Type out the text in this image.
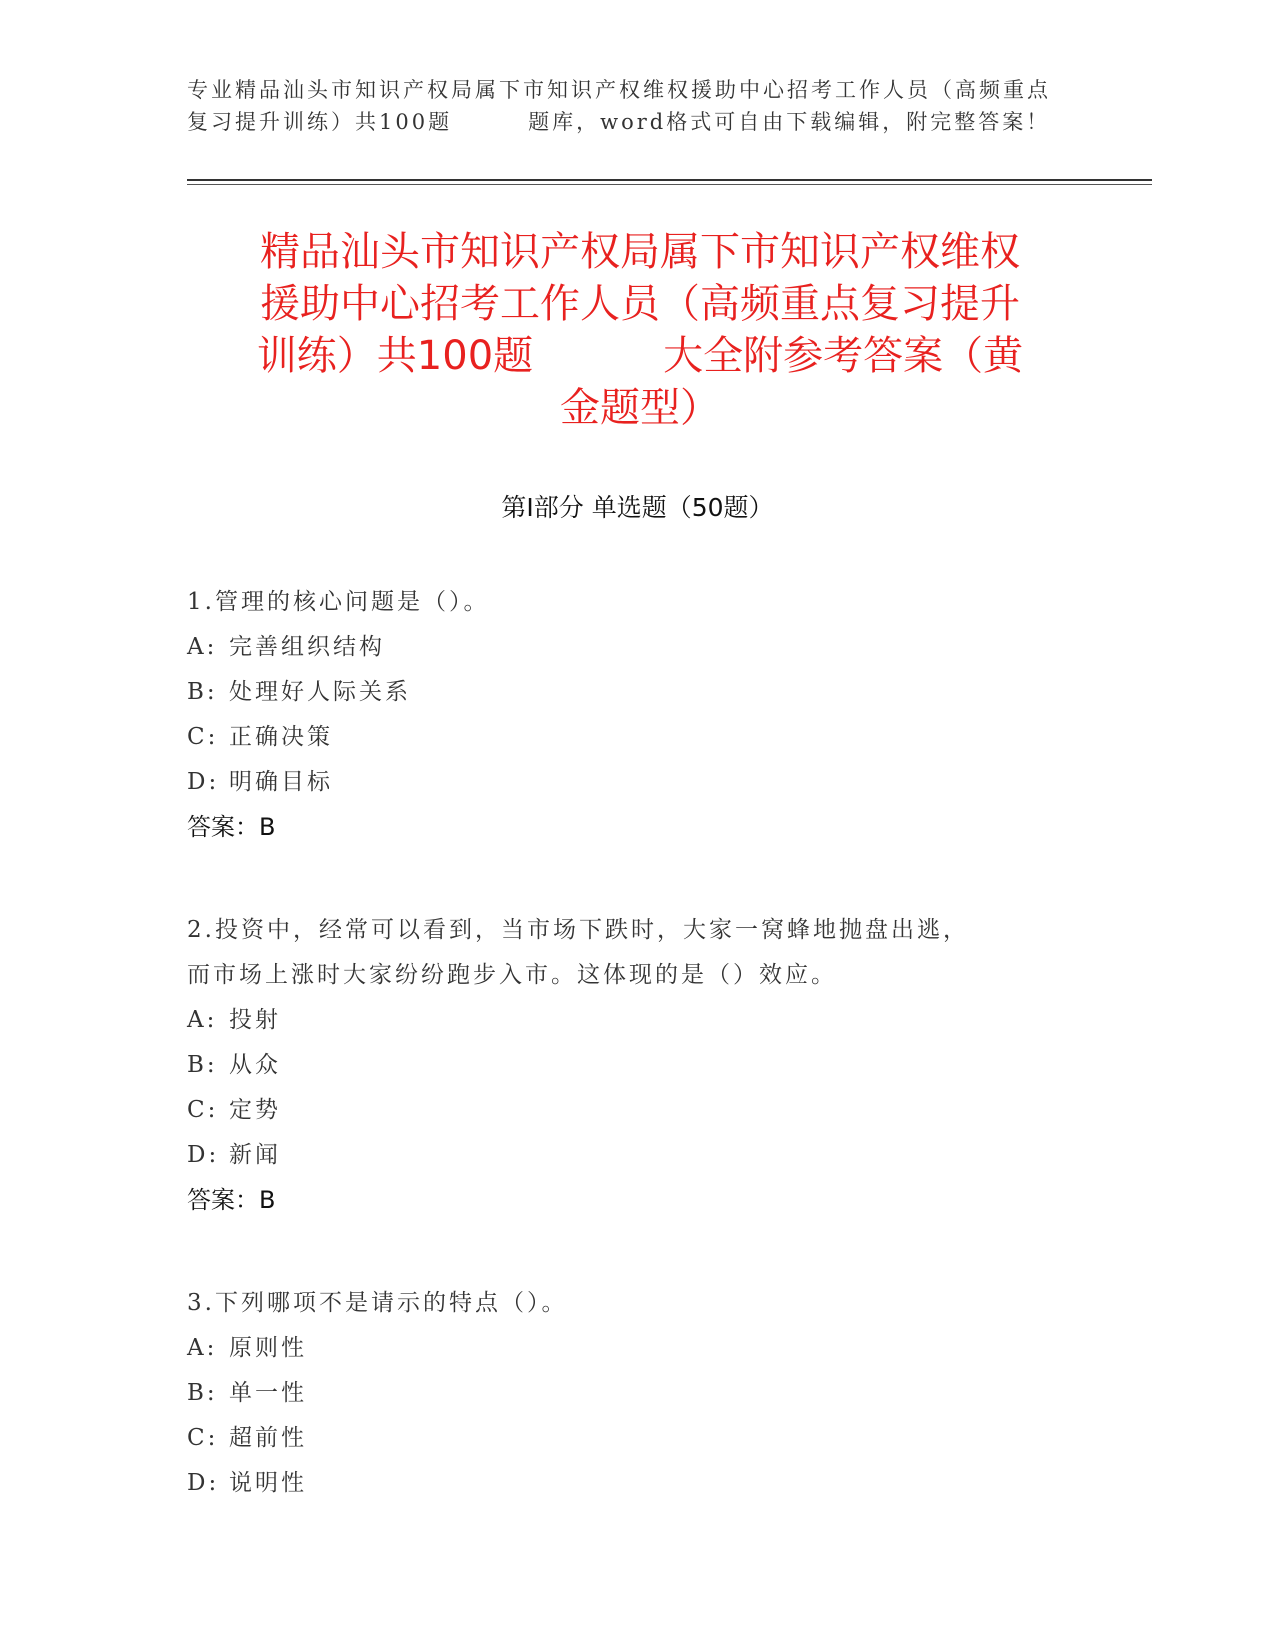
专业精品汕头市知识产权局属下市知识产权维权援助中心招考工作人员（高频重点
复习提升训练）共100题	题库，word格式可自由下载编辑，附完整答案！
精品汕头市知识产权局属下市知识产权维权
援助中心招考工作人员（高频重点复习提升
训练）共100题	大全附参考答案（黄
金题型）
第Ⅰ部分 单选题（50题）
1.管理的核心问题是（）。
A: 完善组织结构
B: 处理好人际关系
C: 正确决策
D: 明确目标
答案：B
2.投资中，经常可以看到，当市场下跌时，大家一窝蜂地抛盘出逃，
而市场上涨时大家纷纷跑步入市。这体现的是（）效应。
A: 投射
B: 从众
C: 定势
D: 新闻
答案：B
3.下列哪项不是请示的特点（）。
A: 原则性
B: 单一性
C: 超前性
D: 说明性
